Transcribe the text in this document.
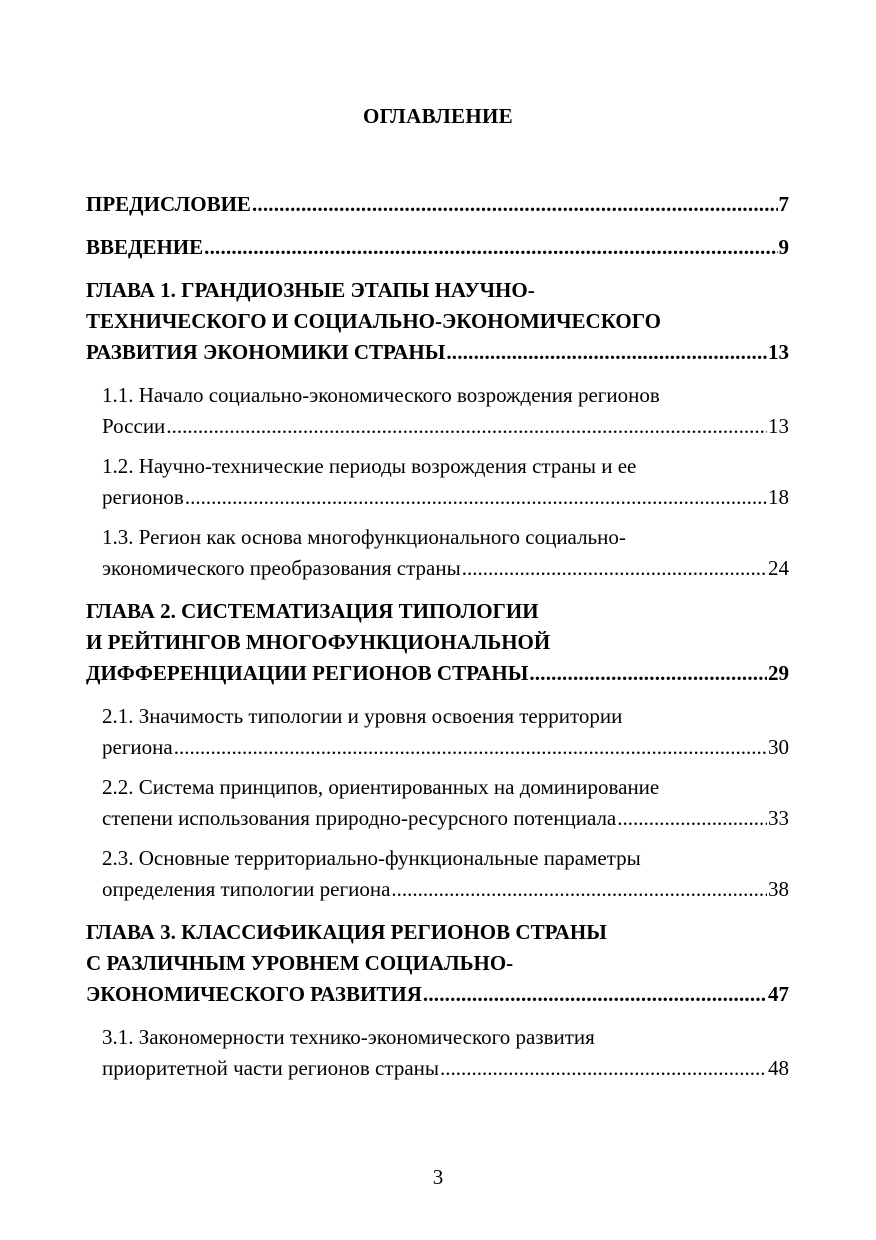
ОГЛАВЛЕНИЕ
ПРЕДИСЛОВИЕ .....	7
ВВЕДЕНИЕ .....	9
ГЛАВА 1. ГРАНДИОЗНЫЕ ЭТАПЫ НАУЧНО-
ТЕХНИЧЕСКОГО И СОЦИАЛЬНО-ЭКОНОМИЧЕСКОГО
РАЗВИТИЯ ЭКОНОМИКИ СТРАНЫ .....	13
1.1. Начало социально-экономического возрождения регионов
России .....	13
1.2. Научно-технические периоды возрождения страны и ее
регионов .....	18
1.3. Регион как основа многофункционального социально-
экономического преобразования страны .....	24
ГЛАВА 2. СИСТЕМАТИЗАЦИЯ ТИПОЛОГИИ
И РЕЙТИНГОВ МНОГОФУНКЦИОНАЛЬНОЙ
ДИФФЕРЕНЦИАЦИИ РЕГИОНОВ СТРАНЫ .....	29
2.1. Значимость типологии и уровня освоения территории
региона .....	30
2.2. Система принципов, ориентированных на доминирование
степени использования природно-ресурсного потенциала .....	33
2.3. Основные территориально-функциональные параметры
определения типологии региона .....	38
ГЛАВА 3. КЛАССИФИКАЦИЯ РЕГИОНОВ СТРАНЫ
С РАЗЛИЧНЫМ УРОВНЕМ СОЦИАЛЬНО-
ЭКОНОМИЧЕСКОГО РАЗВИТИЯ .....	47
3.1. Закономерности технико-экономического развития
приоритетной части регионов страны .....	48
3
